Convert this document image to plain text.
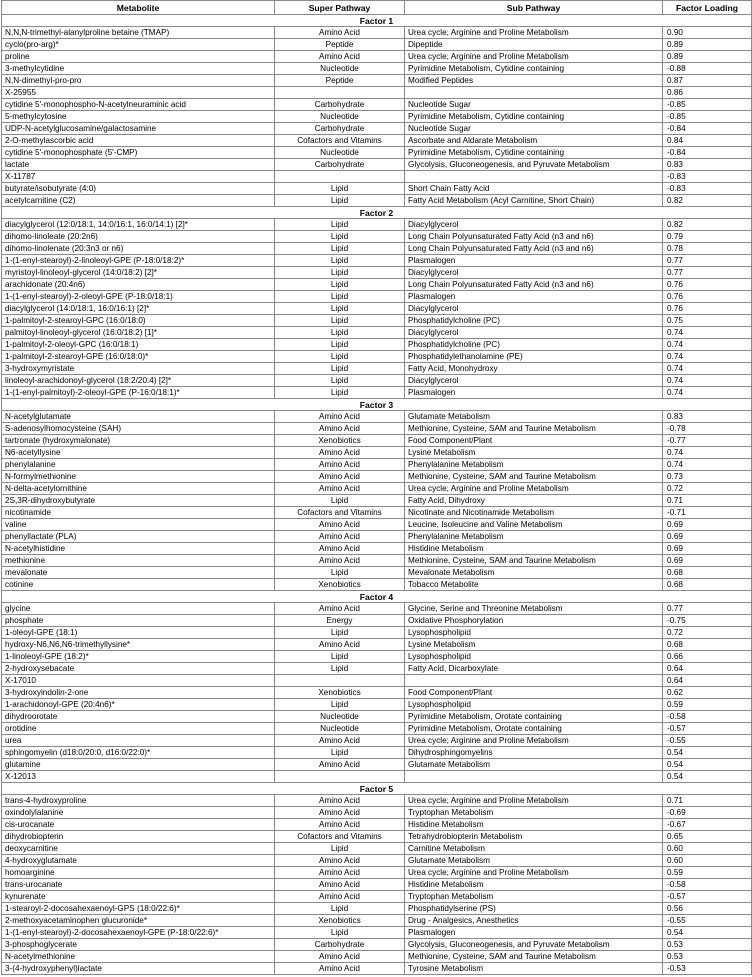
Metabolite	Super Pathway	Sub Pathway	Factor Loading
Factor 1			
N,N,N-trimethyl-alanylproline betaine (TMAP)	Amino Acid	Urea cycle; Arginine and Proline Metabolism	0.90
cyclo(pro-arg)*	Peptide	Dipeptide	0.89
proline	Amino Acid	Urea cycle; Arginine and Proline Metabolism	0.89
3-methylcytidine	Nucleotide	Pyrimidine Metabolism, Cytidine containing	-0.88
N,N-dimethyl-pro-pro	Peptide	Modified Peptides	0.87
X-25955			0.86
cytidine 5'-monophospho-N-acetylneuraminic acid	Carbohydrate	Nucleotide Sugar	-0.85
5-methylcytosine	Nucleotide	Pyrimidine Metabolism, Cytidine containing	-0.85
UDP-N-acetylglucosamine/galactosamine	Carbohydrate	Nucleotide Sugar	-0.84
2-O-methylascorbic acid	Cofactors and Vitamins	Ascorbate and Aldarate Metabolism	0.84
cytidine 5'-monophosphate (5'-CMP)	Nucleotide	Pyrimidine Metabolism, Cytidine containing	-0.84
lactate	Carbohydrate	Glycolysis, Gluconeogenesis, and Pyruvate Metabolism	0.83
X-11787			-0.83
butyrate/isobutyrate (4:0)	Lipid	Short Chain Fatty Acid	-0.83
acetylcarnitine (C2)	Lipid	Fatty Acid Metabolism (Acyl Carnitine, Short Chain)	0.82
Factor 2			
diacylglycerol (12:0/18:1, 14:0/16:1, 16:0/14:1) [2]*	Lipid	Diacylglycerol	0.82
dihomo-linoleate (20:2n6)	Lipid	Long Chain Polyunsaturated Fatty Acid (n3 and n6)	0.79
dihomo-linolenate (20:3n3 or n6)	Lipid	Long Chain Polyunsaturated Fatty Acid (n3 and n6)	0.78
1-(1-enyl-stearoyl)-2-linoleoyl-GPE (P-18:0/18:2)*	Lipid	Plasmalogen	0.77
myristoyl-linoleoyl-glycerol (14:0/18:2) [2]*	Lipid	Diacylglycerol	0.77
arachidonate (20:4n6)	Lipid	Long Chain Polyunsaturated Fatty Acid (n3 and n6)	0.76
1-(1-enyl-stearoyl)-2-oleoyl-GPE (P-18:0/18:1)	Lipid	Plasmalogen	0.76
diacylglycerol (14:0/18:1, 16:0/16:1) [2]*	Lipid	Diacylglycerol	0.76
1-palmitoyl-2-stearoyl-GPC (16:0/18:0)	Lipid	Phosphatidylcholine (PC)	0.75
palmitoyl-linoleoyl-glycerol (16:0/18:2) [1]*	Lipid	Diacylglycerol	0.74
1-palmitoyl-2-oleoyl-GPC (16:0/18:1)	Lipid	Phosphatidylcholine (PC)	0.74
1-palmitoyl-2-stearoyl-GPE (16:0/18:0)*	Lipid	Phosphatidylethanolamine (PE)	0.74
3-hydroxymyristate	Lipid	Fatty Acid, Monohydroxy	0.74
linoleoyl-arachidonoyl-glycerol (18:2/20:4) [2]*	Lipid	Diacylglycerol	0.74
1-(1-enyl-palmitoyl)-2-oleoyl-GPE (P-16:0/18:1)*	Lipid	Plasmalogen	0.74
Factor 3			
N-acetylglutamate	Amino Acid	Glutamate Metabolism	0.83
S-adenosylhomocysteine (SAH)	Amino Acid	Methionine, Cysteine, SAM and Taurine Metabolism	-0.78
tartronate (hydroxymalonate)	Xenobiotics	Food Component/Plant	-0.77
N6-acetyllysine	Amino Acid	Lysine Metabolism	0.74
phenylalanine	Amino Acid	Phenylalanine Metabolism	0.74
N-formylmethionine	Amino Acid	Methionine, Cysteine, SAM and Taurine Metabolism	0.73
N-delta-acetylornithine	Amino Acid	Urea cycle; Arginine and Proline Metabolism	0.72
2S,3R-dihydroxybutyrate	Lipid	Fatty Acid, Dihydroxy	0.71
nicotinamide	Cofactors and Vitamins	Nicotinate and Nicotinamide Metabolism	-0.71
valine	Amino Acid	Leucine, Isoleucine and Valine Metabolism	0.69
phenyllactate (PLA)	Amino Acid	Phenylalanine Metabolism	0.69
N-acetylhistidine	Amino Acid	Histidine Metabolism	0.69
methionine	Amino Acid	Methionine, Cysteine, SAM and Taurine Metabolism	0.69
mevalonate	Lipid	Mevalonate Metabolism	0.68
cotinine	Xenobiotics	Tobacco Metabolite	0.68
Factor 4			
glycine	Amino Acid	Glycine, Serine and Threonine Metabolism	0.77
phosphate	Energy	Oxidative Phosphorylation	-0.75
1-oleoyl-GPE (18:1)	Lipid	Lysophospholipid	0.72
hydroxy-N6,N6,N6-trimethyllysine*	Amino Acid	Lysine Metabolism	0.68
1-linoleoyl-GPE (18:2)*	Lipid	Lysophospholipid	0.66
2-hydroxysebacate	Lipid	Fatty Acid, Dicarboxylate	0.64
X-17010			0.64
3-hydroxyindolin-2-one	Xenobiotics	Food Component/Plant	0.62
1-arachidonoyl-GPE (20:4n6)*	Lipid	Lysophospholipid	0.59
dihydroorotate	Nucleotide	Pyrimidine Metabolism, Orotate containing	-0.58
orotidine	Nucleotide	Pyrimidine Metabolism, Orotate containing	-0.57
urea	Amino Acid	Urea cycle; Arginine and Proline Metabolism	-0.55
sphingomyelin (d18:0/20:0, d16:0/22:0)*	Lipid	Dihydrosphingomyelins	0.54
glutamine	Amino Acid	Glutamate Metabolism	0.54
X-12013			0.54
Factor 5			
trans-4-hydroxyproline	Amino Acid	Urea cycle; Arginine and Proline Metabolism	0.71
oxindolylalanine	Amino Acid	Tryptophan Metabolism	-0.69
cis-urocanate	Amino Acid	Histidine Metabolism	-0.67
dihydrobiopterin	Cofactors and Vitamins	Tetrahydrobiopterin Metabolism	0.65
deoxycarnitine	Lipid	Carnitine Metabolism	0.60
4-hydroxyglutamate	Amino Acid	Glutamate Metabolism	0.60
homoarginine	Amino Acid	Urea cycle; Arginine and Proline Metabolism	0.59
trans-urocanate	Amino Acid	Histidine Metabolism	-0.58
kynurenate	Amino Acid	Tryptophan Metabolism	-0.57
1-stearoyl-2-docosahexaenoyl-GPS (18:0/22:6)*	Lipid	Phosphatidylserine (PS)	0.56
2-methoxyacetaminophen glucuronide*	Xenobiotics	Drug - Analgesics, Anesthetics	-0.55
1-(1-enyl-stearoyl)-2-docosahexaenoyl-GPE (P-18:0/22:6)*	Lipid	Plasmalogen	0.54
3-phosphoglycerate	Carbohydrate	Glycolysis, Gluconeogenesis, and Pyruvate Metabolism	0.53
N-acetylmethionine	Amino Acid	Methionine, Cysteine, SAM and Taurine Metabolism	0.53
3-(4-hydroxyphenyl)lactate	Amino Acid	Tyrosine Metabolism	-0.53
